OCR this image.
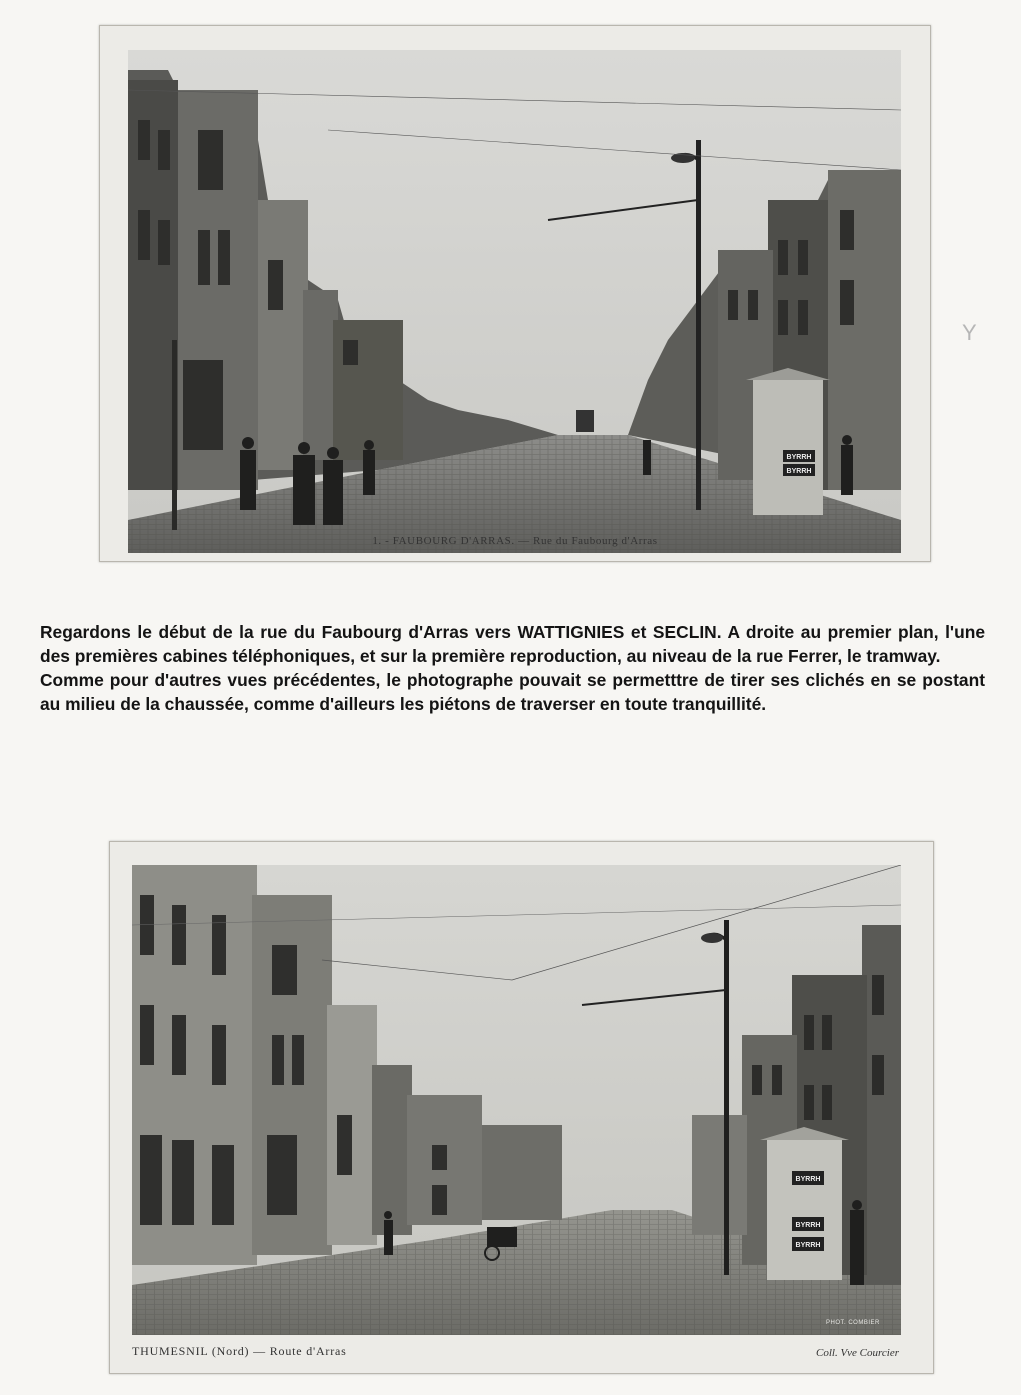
BYRRH
BYRRH
1. - FAUBOURG D'ARRAS. — Rue du Faubourg d'Arras
Y

Regardons le début de la rue du Faubourg d'Arras vers WATTIGNIES et SECLIN. A droite au premier plan, l'une des premières cabines téléphoniques, et sur la première reproduction, au niveau de la rue Ferrer, le tramway.

Comme pour d'autres vues précédentes, le photographe pouvait se permetttre de tirer ses clichés en se postant au milieu de la chaussée, comme d'ailleurs les piétons de traverser en toute tranquillité.

BYRRH
BYRRH
BYRRH
PHOT. COMBIER
THUMESNIL (Nord) — Route d'Arras	Coll. Vve Courcier
